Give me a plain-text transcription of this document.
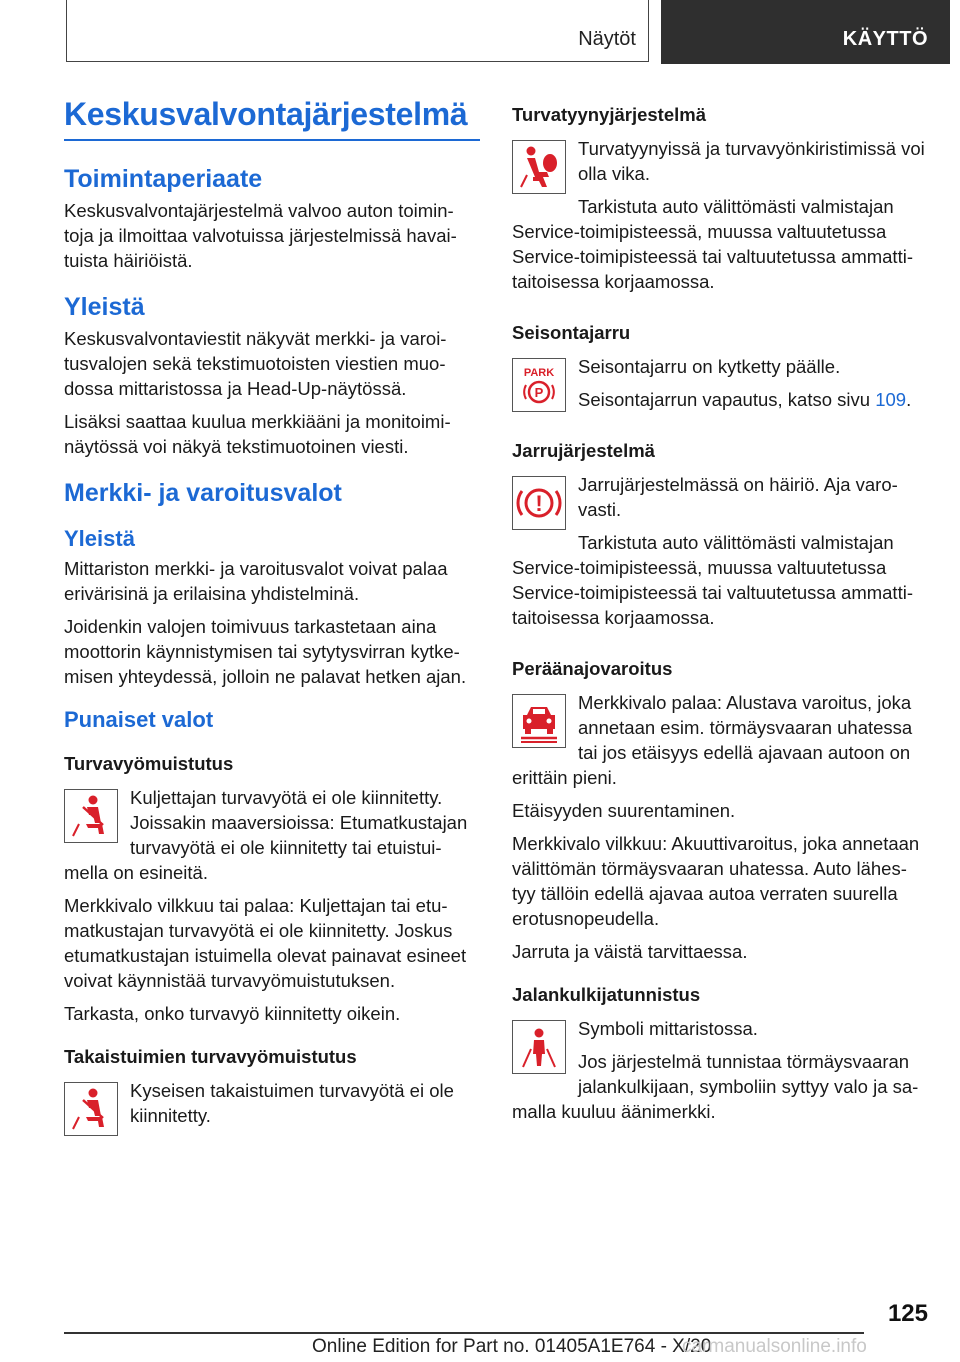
Näytöt	KÄYTTÖ
Keskusvalvontajärjestelmä
Toimintaperiaate

Keskusvalvontajärjestelmä valvoo auton toimin- toja ja ilmoittaa valvotuissa järjestelmissä havai- tuista häiriöistä.

Yleistä

Keskusvalvontaviestit näkyvät merkki- ja varoi- tusvalojen sekä tekstimuotoisten viestien muo- dossa mittaristossa ja Head-Up-näytössä.

Lisäksi saattaa kuulua merkkiääni ja monitoimi- näytössä voi näkyä tekstimuotoinen viesti.

Merkki- ja varoitusvalot
Yleistä

Mittariston merkki- ja varoitusvalot voivat palaa erivärisinä ja erilaisina yhdistelminä.

Joidenkin valojen toimivuus tarkastetaan aina moottorin käynnistymisen tai sytytysvirran kytke- misen yhteydessä, jolloin ne palavat hetken ajan.

Punaiset valot
Turvavyömuistutus

Kuljettajan turvavyötä ei ole kiinnitetty. Joissakin maaversioissa: Etumatkustajan turvavyötä ei ole kiinnitetty tai etuistui- mella on esineitä.

Merkkivalo vilkkuu tai palaa: Kuljettajan tai etu- matkustajan turvavyötä ei ole kiinnitetty. Joskus etumatkustajan istuimella olevat painavat esineet voivat käynnistää turvavyömuistutuksen.

Tarkasta, onko turvavyö kiinnitetty oikein.

Takaistuimien turvavyömuistutus

Kyseisen takaistuimen turvavyötä ei ole kiinnitetty.

Turvatyynyjärjestelmä

Turvatyynyissä ja turvavyönkiristimissä voi olla vika.

Tarkistuta auto välittömästi valmistajan Service-toimipisteessä, muussa valtuutetussa Service-toimipisteessä tai valtuutetussa ammatti- taitoisessa korjaamossa.

Seisontajarru
PARK
P

Seisontajarru on kytketty päälle.

Seisontajarrun vapautus, katso sivu 109.

Jarrujärjestelmä
!

Jarrujärjestelmässä on häiriö. Aja varo- vasti.

Tarkistuta auto välittömästi valmistajan Service-toimipisteessä, muussa valtuutetussa Service-toimipisteessä tai valtuutetussa ammatti- taitoisessa korjaamossa.

Peräänajovaroitus

Merkkivalo palaa: Alustava varoitus, joka annetaan esim. törmäysvaaran uhatessa tai jos etäisyys edellä ajavaan autoon on erittäin pieni.

Etäisyyden suurentaminen.

Merkkivalo vilkkuu: Akuuttivaroitus, joka annetaan välittömän törmäysvaaran uhatessa. Auto lähes- tyy tällöin edellä ajavaa autoa verraten suurella erotusnopeudella.

Jarruta ja väistä tarvittaessa.

Jalankulkijatunnistus

Symboli mittaristossa.

Jos järjestelmä tunnistaa törmäysvaaran jalankulkijaan, symboliin syttyy valo ja sa- malla kuuluu äänimerkki.

125
Online Edition for Part no. 01405A1E764 - X/20
carmanualsonline.info
